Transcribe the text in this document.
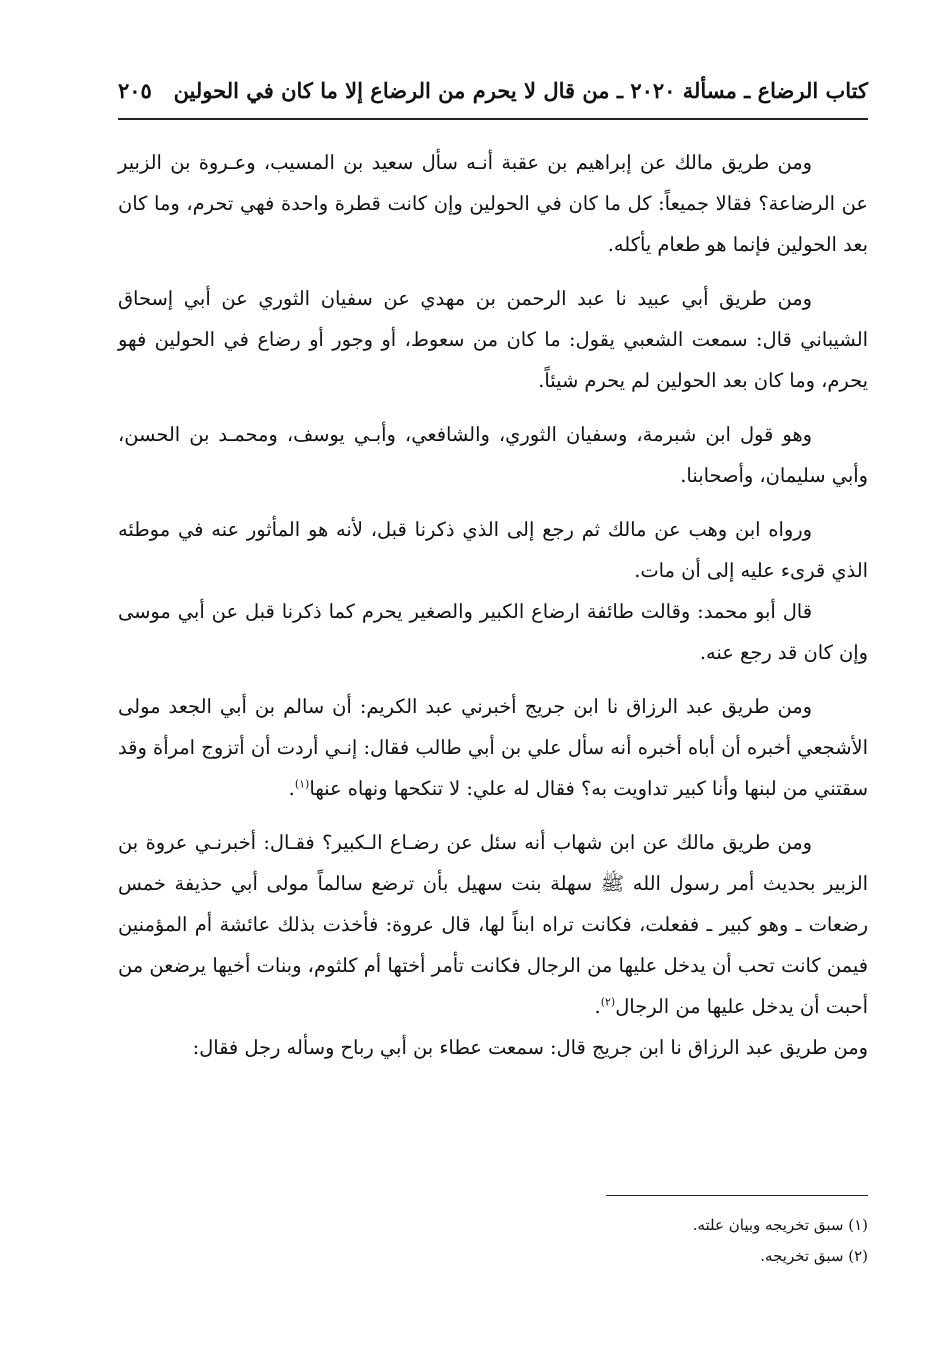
كتاب الرضاع ـ مسألة ٢٠٢٠ ـ من قال لا يحرم من الرضاع إلا ما كان في الحولين
٢٠٥

ومن طريق مالك عن إبراهيم بن عقبة أنـه سأل سعيد بن المسيب، وعـروة بن الزبير عن الرضاعة؟ فقالا جميعاً: كل ما كان في الحولين وإن كانت قطرة واحدة فهي تحرم، وما كان بعد الحولين فإنما هو طعام يأكله.

ومن طريق أبي عبيد نا عبد الرحمن بن مهدي عن سفيان الثوري عن أبي إسحاق الشيباني قال: سمعت الشعبي يقول: ما كان من سعوط، أو وجور أو رضاع في الحولين فهو يحرم، وما كان بعد الحولين لم يحرم شيئاً.

وهو قول ابن شبرمة، وسفيان الثوري، والشافعي، وأبـي يوسف، ومحمـد بن الحسن، وأبي سليمان، وأصحابنا.

ورواه ابن وهب عن مالك ثم رجع إلى الذي ذكرنا قبل، لأنه هو المأثور عنه في موطئه الذي قرىء عليه إلى أن مات.

قال أبو محمد: وقالت طائفة ارضاع الكبير والصغير يحرم كما ذكرنا قبل عن أبي موسى وإن كان قد رجع عنه.

ومن طريق عبد الرزاق نا ابن جريج أخبرني عبد الكريم: أن سالم بن أبي الجعد مولى الأشجعي أخبره أن أباه أخبره أنه سأل علي بن أبي طالب فقال: إنـي أردت أن أتزوج امرأة وقد سقتني من لبنها وأنا كبير تداويت به؟ فقال له علي: لا تنكحها ونهاه عنها$^{(١)}$.

ومن طريق مالك عن ابن شهاب أنه سئل عن رضـاع الـكبير؟ فقـال: أخبرنـي عروة بن الزبير بحديث أمر رسول الله ﷺ سهلة بنت سهيل بأن ترضع سالماً مولى أبي حذيفة خمس رضعات ـ وهو كبير ـ ففعلت، فكانت تراه ابناً لها، قال عروة: فأخذت بذلك عائشة أم المؤمنين فيمن كانت تحب أن يدخل عليها من الرجال فكانت تأمر أختها أم كلثوم، وبنات أخيها يرضعن من أحبت أن يدخل عليها من الرجال$^{(٢)}$.

ومن طريق عبد الرزاق نا ابن جريج قال: سمعت عطاء بن أبي رباح وسأله رجل فقال:

(١) سبق تخريجه وبيان علته.
(٢) سبق تخريجه.
